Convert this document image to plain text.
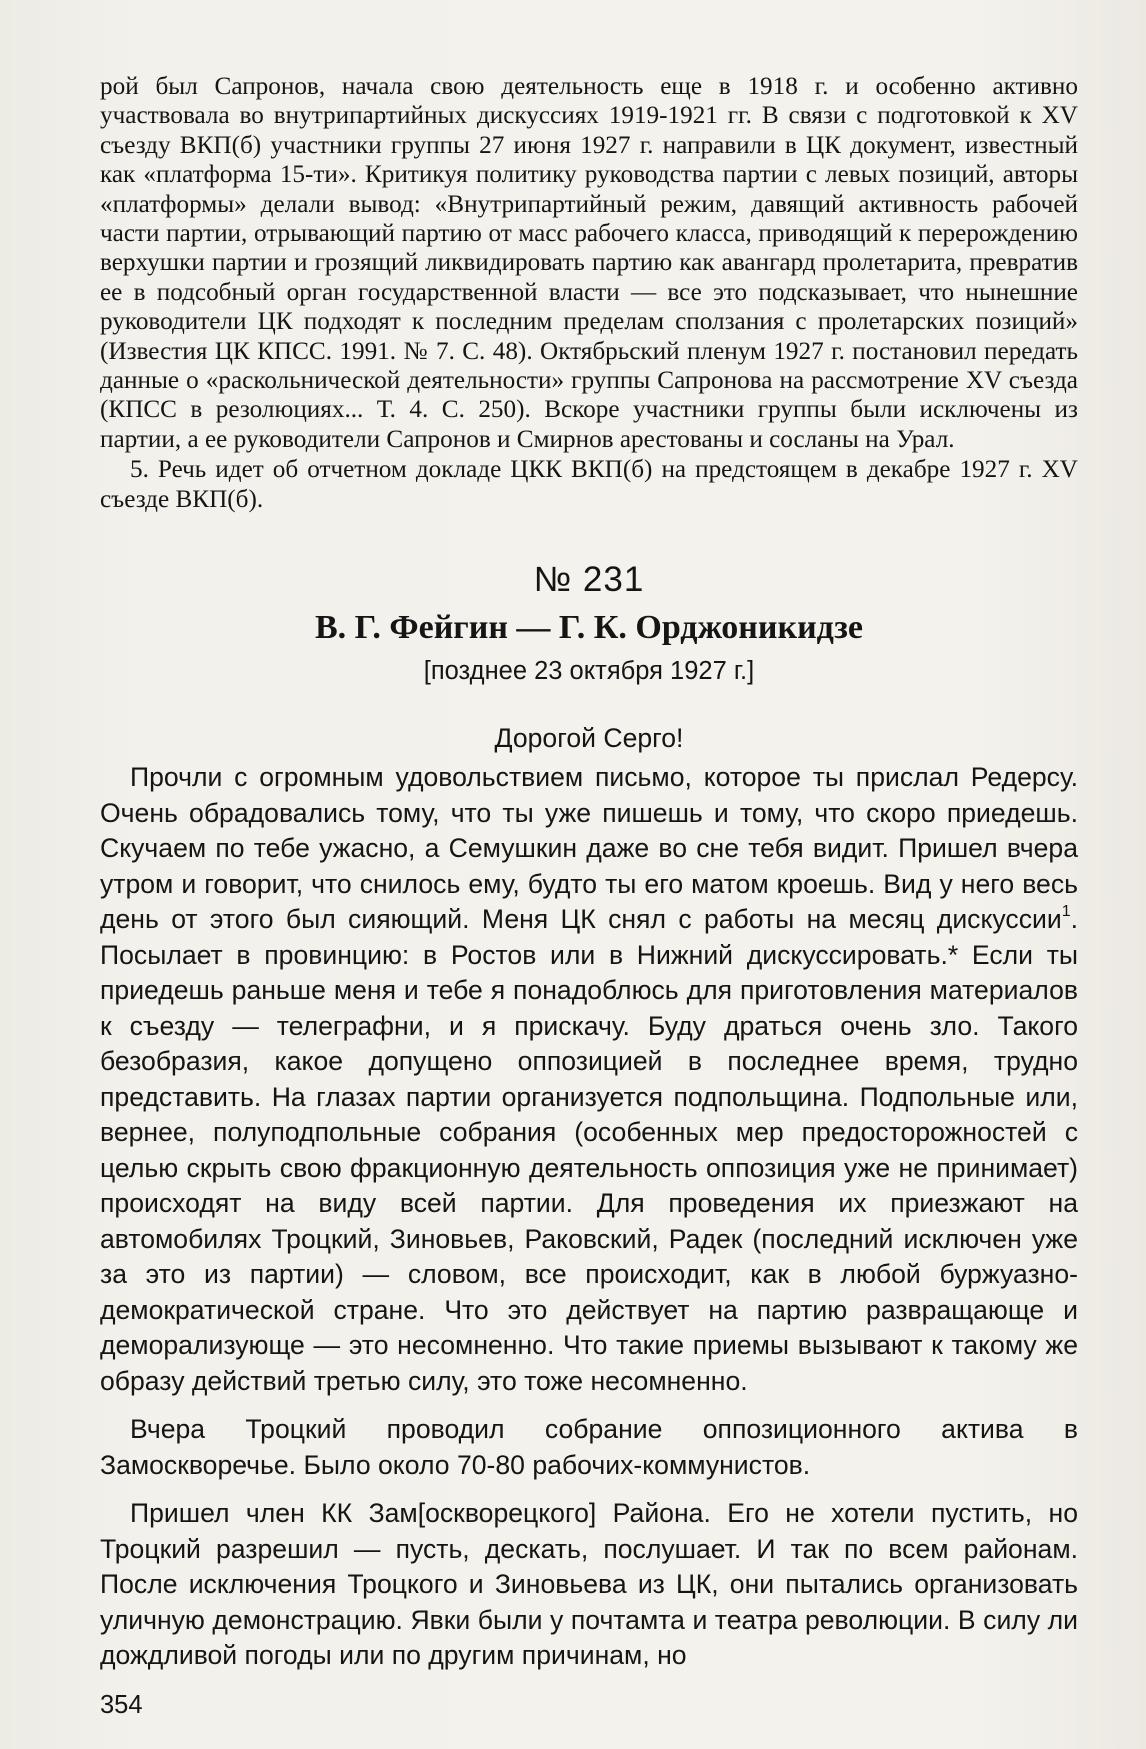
рой был Сапронов, начала свою деятельность еще в 1918 г. и особенно активно участвовала во внутрипартийных дискуссиях 1919-1921 гг. В связи с подготовкой к XV съезду ВКП(б) участники группы 27 июня 1927 г. направили в ЦК документ, известный как «платформа 15-ти». Критикуя политику руководства партии с левых позиций, авторы «платформы» делали вывод: «Внутрипартийный режим, давящий активность рабочей части партии, отрывающий партию от масс рабочего класса, приводящий к перерождению верхушки партии и грозящий ликвидировать партию как авангард пролетарита, превратив ее в подсобный орган государственной власти — все это подсказывает, что нынешние руководители ЦК подходят к последним пределам сползания с пролетарских позиций» (Известия ЦК КПСС. 1991. № 7. С. 48). Октябрьский пленум 1927 г. постановил передать данные о «раскольнической деятельности» группы Сапронова на рассмотрение XV съезда (КПСС в резолюциях... Т. 4. С. 250). Вскоре участники группы были исключены из партии, а ее руководители Сапронов и Смирнов арестованы и сосланы на Урал.

5. Речь идет об отчетном докладе ЦКК ВКП(б) на предстоящем в декабре 1927 г. XV съезде ВКП(б).

№ 231
В. Г. Фейгин — Г. К. Орджоникидзе
[позднее 23 октября 1927 г.]
Дорогой Серго!

Прочли с огромным удовольствием письмо, которое ты прислал Редерсу. Очень обрадовались тому, что ты уже пишешь и тому, что скоро приедешь. Скучаем по тебе ужасно, а Семушкин даже во сне тебя видит. Пришел вчера утром и говорит, что снилось ему, будто ты его матом кроешь. Вид у него весь день от этого был сияющий. Меня ЦК снял с работы на месяц дискуссии$^1$. Посылает в провинцию: в Ростов или в Нижний дискуссировать.* Если ты приедешь раньше меня и тебе я понадоблюсь для приготовления материалов к съезду — телеграфни, и я прискачу. Буду драться очень зло. Такого безобразия, какое допущено оппозицией в последнее время, трудно представить. На глазах партии организуется подпольщина. Подпольные или, вернее, полуподпольные собрания (особенных мер предосторожностей с целью скрыть свою фракционную деятельность оппозиция уже не принимает) происходят на виду всей партии. Для проведения их приезжают на автомобилях Троцкий, Зиновьев, Раковский, Радек (последний исключен уже за это из партии) — словом, все происходит, как в любой буржуазно-демократической стране. Что это действует на партию развращающе и деморализующе — это несомненно. Что такие приемы вызывают к такому же образу действий третью силу, это тоже несомненно.

Вчера Троцкий проводил собрание оппозиционного актива в Замоскворечье. Было около 70-80 рабочих-коммунистов.

Пришел член КК Зам[оскворецкого] Района. Его не хотели пустить, но Троцкий разрешил — пусть, дескать, послушает. И так по всем районам. После исключения Троцкого и Зиновьева из ЦК, они пытались организовать уличную демонстрацию. Явки были у почтамта и театра революции. В силу ли дождливой погоды или по другим причинам, но

354
